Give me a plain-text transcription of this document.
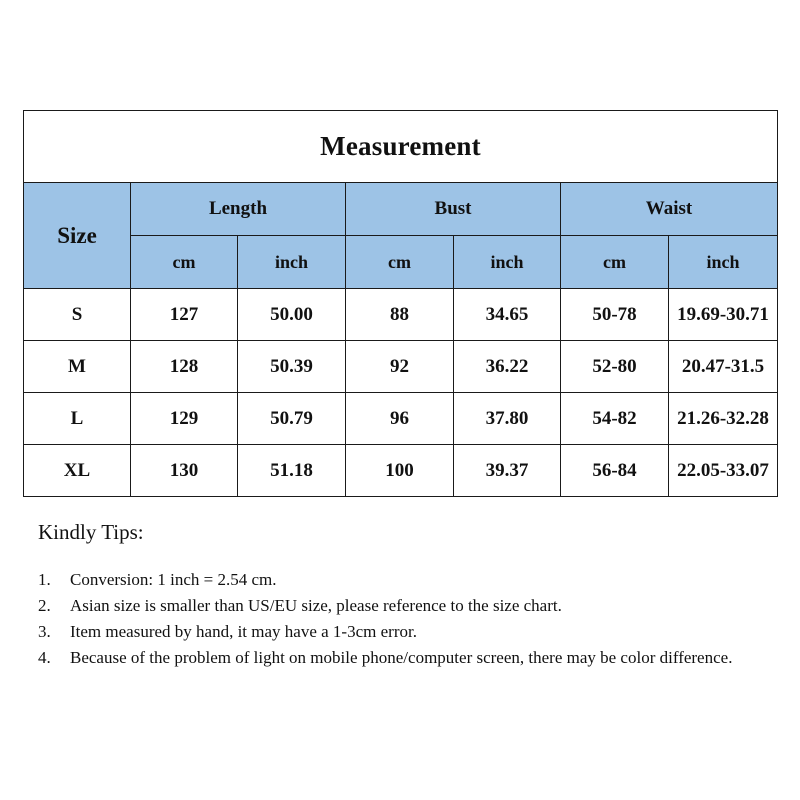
Measurement						
Size	Length		Bust		Waist	
	cm	inch	cm	inch	cm	inch
S	127	50.00	88	34.65	50-78	19.69-30.71
M	128	50.39	92	36.22	52-80	20.47-31.5
L	129	50.79	96	37.80	54-82	21.26-32.28
XL	130	51.18	100	39.37	56-84	22.05-33.07
Kindly Tips:
1.	Conversion: 1 inch = 2.54 cm.
2.	Asian size is smaller than US/EU size, please reference to the size chart.
3.	Item measured by hand, it may have a 1-3cm error.
4.	Because of the problem of light on mobile phone/computer screen, there may be color difference.
